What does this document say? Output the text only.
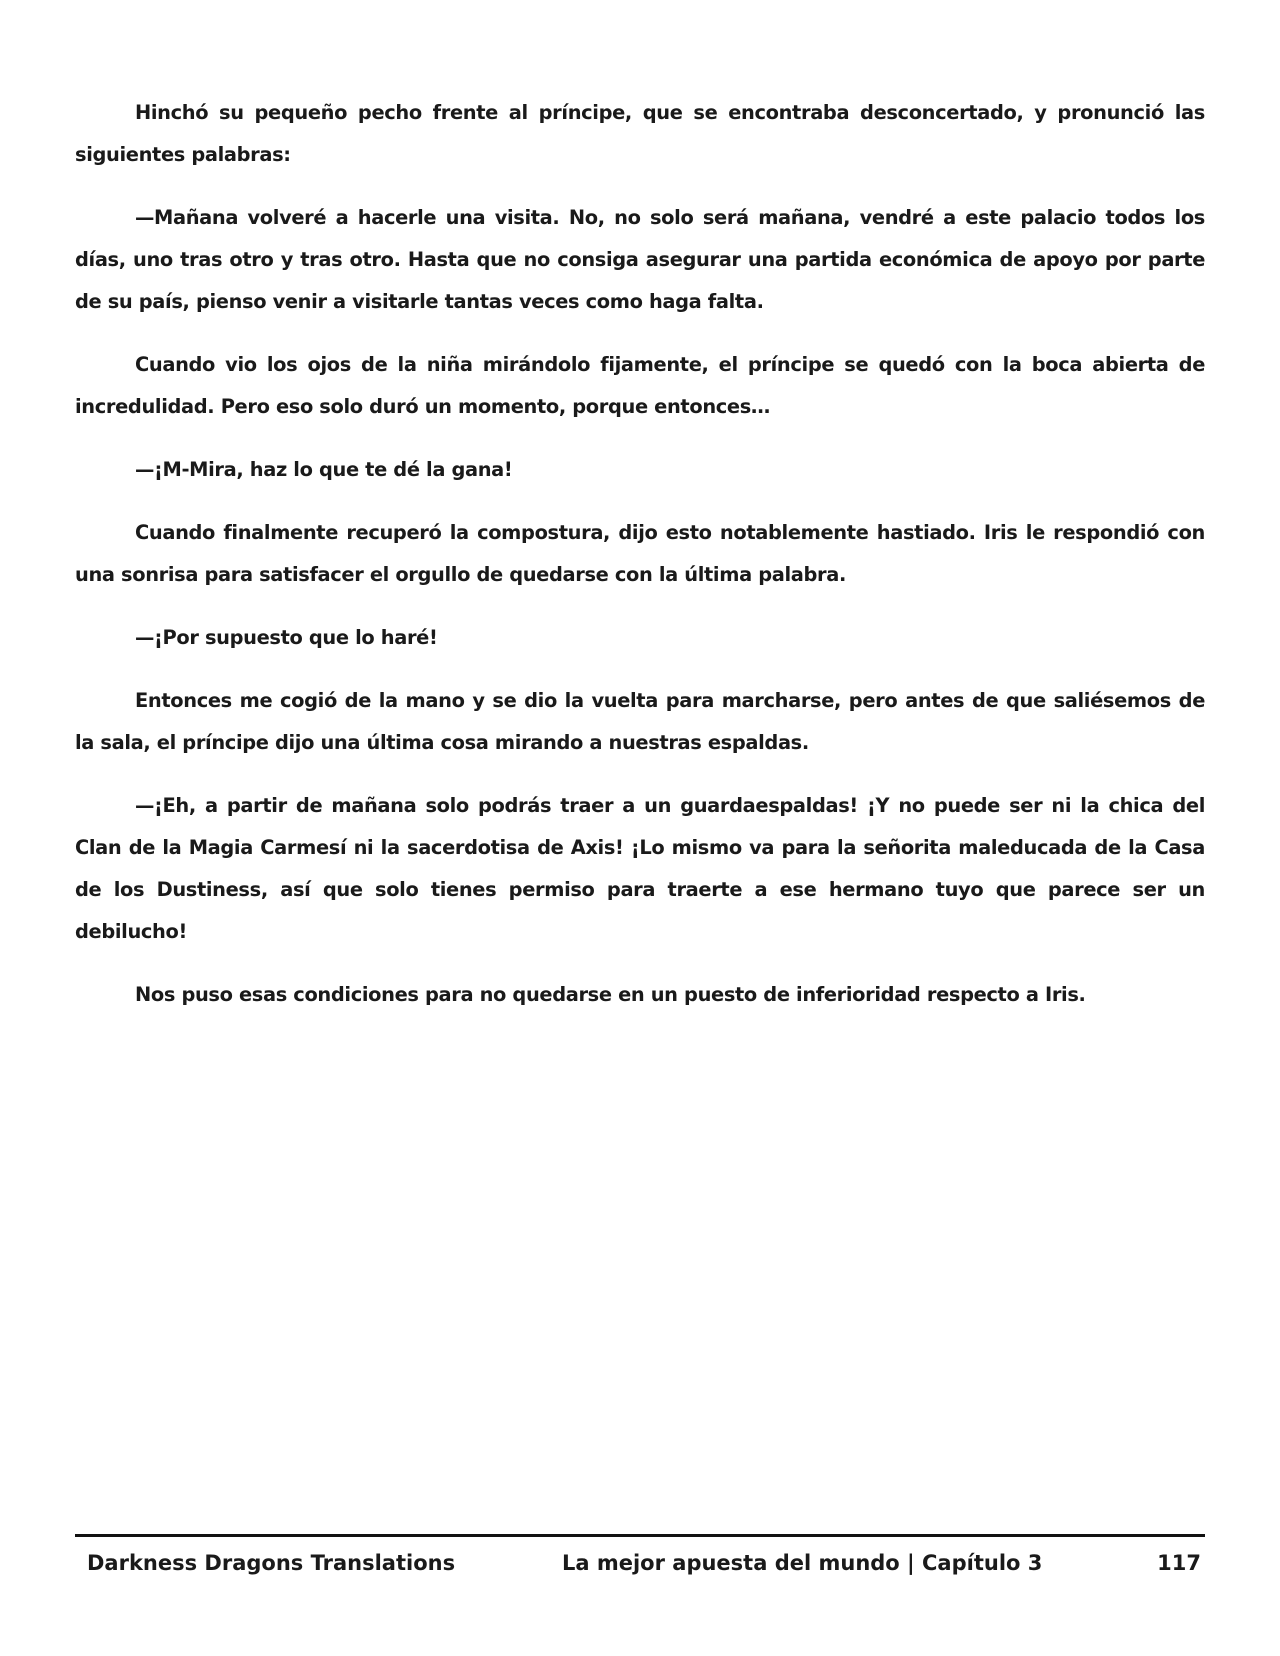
Hinchó su pequeño pecho frente al príncipe, que se encontraba desconcertado, y pronunció las siguientes palabras:

—Mañana volveré a hacerle una visita. No, no solo será mañana, vendré a este palacio todos los días, uno tras otro y tras otro. Hasta que no consiga asegurar una partida económica de apoyo por parte de su país, pienso venir a visitarle tantas veces como haga falta.

Cuando vio los ojos de la niña mirándolo fijamente, el príncipe se quedó con la boca abierta de incredulidad. Pero eso solo duró un momento, porque entonces…

—¡M-Mira, haz lo que te dé la gana!

Cuando finalmente recuperó la compostura, dijo esto notablemente hastiado. Iris le respondió con una sonrisa para satisfacer el orgullo de quedarse con la última palabra.

—¡Por supuesto que lo haré!

Entonces me cogió de la mano y se dio la vuelta para marcharse, pero antes de que saliésemos de la sala, el príncipe dijo una última cosa mirando a nuestras espaldas.

—¡Eh, a partir de mañana solo podrás traer a un guardaespaldas! ¡Y no puede ser ni la chica del Clan de la Magia Carmesí ni la sacerdotisa de Axis! ¡Lo mismo va para la señorita maleducada de la Casa de los Dustiness, así que solo tienes permiso para traerte a ese hermano tuyo que parece ser un debilucho!

Nos puso esas condiciones para no quedarse en un puesto de inferioridad respecto a Iris.

Darkness Dragons Translations	La mejor apuesta del mundo | Capítulo 3	117
